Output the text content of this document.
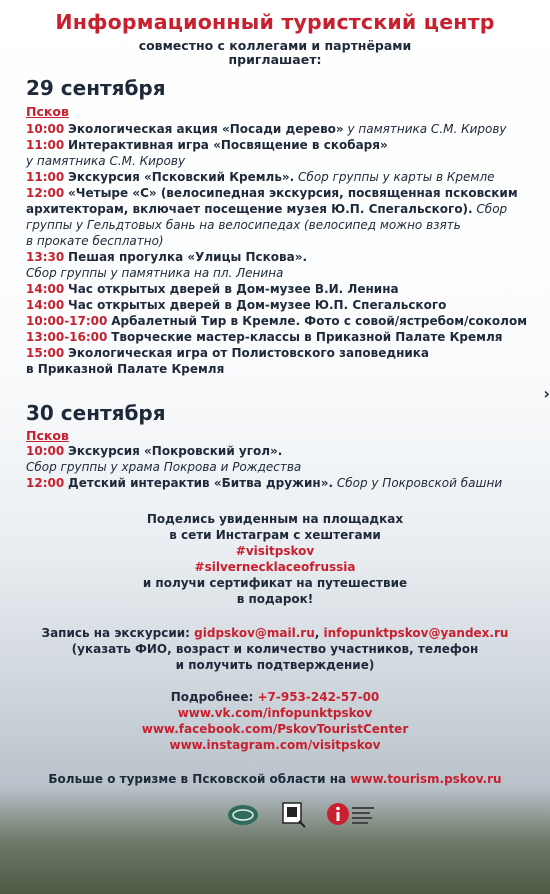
Информационный туристский центр
совместно с коллегами и партнёрами
приглашает:
29 сентября
Псков
10:00 Экологическая акция «Посади дерево» у памятника С.М. Кирову
11:00 Интерактивная игра «Посвящение в скобаря»
у памятника С.М. Кирову
11:00 Экскурсия «Псковский Кремль». Сбор группы у карты в Кремле
12:00 «Четыре «С» (велосипедная экскурсия, посвященная псковским
архитекторам, включает посещение музея Ю.П. Спегальского). Сбор
группы у Гельдтовых бань на велосипедах (велосипед можно взять
в прокате бесплатно)
13:30 Пешая прогулка «Улицы Пскова».
Сбор группы у памятника на пл. Ленина
14:00 Час открытых дверей в Дом-музее В.И. Ленина
14:00 Час открытых дверей в Дом-музее Ю.П. Спегальского
10:00-17:00 Арбалетный Тир в Кремле. Фото с совой/ястребом/соколом
13:00-16:00 Творческие мастер-классы в Приказной Палате Кремля
15:00 Экологическая игра от Полистовского заповедника
в Приказной Палате Кремля
30 сентября
Псков
10:00 Экскурсия «Покровский угол».
Сбор группы у храма Покрова и Рождества
12:00 Детский интерактив «Битва дружин». Сбор у Покровской башни
Поделись увиденным на площадках
в сети Инстаграм с хештегами
#visitpskov
#silvernecklaceofrussia
и получи сертификат на путешествие
в подарок!
Запись на экскурсии: gidpskov@mail.ru, infopunktpskov@yandex.ru
(указать ФИО, возраст и количество участников, телефон
и получить подтверждение)
Подробнее: +7-953-242-57-00
www.vk.com/infopunktpskov
www.facebook.com/PskovTouristCenter
www.instagram.com/visitpskov
Больше о туризме в Псковской области на www.tourism.pskov.ru
›
